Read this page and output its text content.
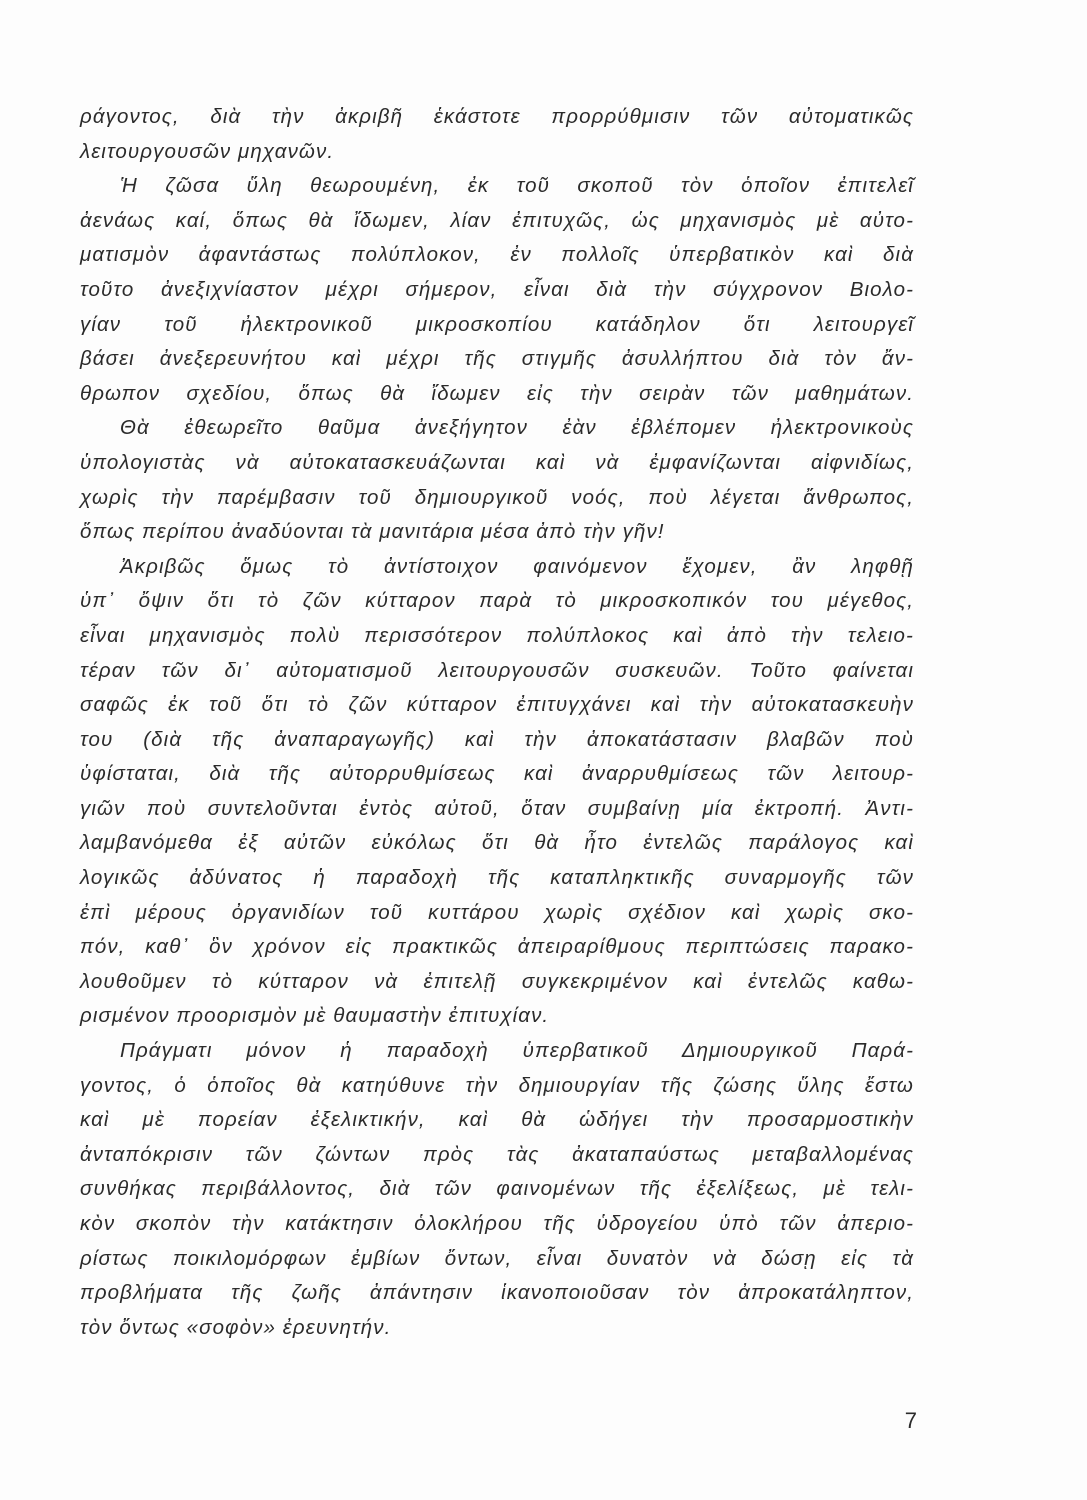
ράγοντος, διὰ τὴν ἀκριβῆ ἑκάστοτε προρρύθμισιν τῶν αὐτοματικῶς
λειτουργουσῶν μηχανῶν.
Ἡ ζῶσα ὕλη θεωρουμένη, ἐκ τοῦ σκοποῦ τὸν ὁποῖον ἐπιτελεῖ
ἀενάως καί, ὅπως θὰ ἴδωμεν, λίαν ἐπιτυχῶς, ὡς μηχανισμὸς μὲ αὐτο-
ματισμὸν ἀφαντάστως πολύπλοκον, ἐν πολλοῖς ὑπερβατικὸν καὶ διὰ
τοῦτο ἀνεξιχνίαστον μέχρι σήμερον, εἶναι διὰ τὴν σύγχρονον Βιολο-
γίαν τοῦ ἠλεκτρονικοῦ μικροσκοπίου κατάδηλον ὅτι λειτουργεῖ
βάσει ἀνεξερευνήτου καὶ μέχρι τῆς στιγμῆς ἀσυλλήπτου διὰ τὸν ἄν-
θρωπον σχεδίου, ὅπως θὰ ἴδωμεν εἰς τὴν σειρὰν τῶν μαθημάτων.
Θὰ ἐθεωρεῖτο θαῦμα ἀνεξήγητον ἐὰν ἐβλέπομεν ἠλεκτρονικοὺς
ὑπολογιστὰς νὰ αὐτοκατασκευάζωνται καὶ νὰ ἐμφανίζωνται αἰφνιδίως,
χωρὶς τὴν παρέμβασιν τοῦ δημιουργικοῦ νοός, ποὺ λέγεται ἄνθρωπος,
ὅπως περίπου ἀναδύονται τὰ μανιτάρια μέσα ἀπὸ τὴν γῆν!
Ἀκριβῶς ὅμως τὸ ἀντίστοιχον φαινόμενον ἔχομεν, ἂν ληφθῇ
ὑπ᾿ ὄψιν ὅτι τὸ ζῶν κύτταρον παρὰ τὸ μικροσκοπικόν του μέγεθος,
εἶναι μηχανισμὸς πολὺ περισσότερον πολύπλοκος καὶ ἀπὸ τὴν τελειο-
τέραν τῶν δι᾿ αὐτοματισμοῦ λειτουργουσῶν συσκευῶν. Τοῦτο φαίνεται
σαφῶς ἐκ τοῦ ὅτι τὸ ζῶν κύτταρον ἐπιτυγχάνει καὶ τὴν αὐτοκατασκευὴν
του (διὰ τῆς ἀναπαραγωγῆς) καὶ τὴν ἀποκατάστασιν βλαβῶν ποὺ
ὑφίσταται, διὰ τῆς αὐτορρυθμίσεως καὶ ἀναρρυθμίσεως τῶν λειτουρ-
γιῶν ποὺ συντελοῦνται ἐντὸς αὐτοῦ, ὅταν συμβαίνῃ μία ἐκτροπή. Ἀντι-
λαμβανόμεθα ἐξ αὐτῶν εὐκόλως ὅτι θὰ ἦτο ἐντελῶς παράλογος καὶ
λογικῶς ἀδύνατος ἡ παραδοχὴ τῆς καταπληκτικῆς συναρμογῆς τῶν
ἐπὶ μέρους ὀργανιδίων τοῦ κυττάρου χωρὶς σχέδιον καὶ χωρὶς σκο-
πόν, καθ᾿ ὃν χρόνον εἰς πρακτικῶς ἀπειραρίθμους περιπτώσεις παρακο-
λουθοῦμεν τὸ κύτταρον νὰ ἐπιτελῇ συγκεκριμένον καὶ ἐντελῶς καθω-
ρισμένον προορισμὸν μὲ θαυμαστὴν ἐπιτυχίαν.
Πράγματι μόνον ἡ παραδοχὴ ὑπερβατικοῦ Δημιουργικοῦ Παρά-
γοντος, ὁ ὁποῖος θὰ κατηύθυνε τὴν δημιουργίαν τῆς ζώσης ὕλης ἔστω
καὶ μὲ πορείαν ἐξελικτικήν, καὶ θὰ ὡδήγει τὴν προσαρμοστικὴν
ἀνταπόκρισιν τῶν ζώντων πρὸς τὰς ἀκαταπαύστως μεταβαλλομένας
συνθήκας περιβάλλοντος, διὰ τῶν φαινομένων τῆς ἐξελίξεως, μὲ τελι-
κὸν σκοπὸν τὴν κατάκτησιν ὁλοκλήρου τῆς ὑδρογείου ὑπὸ τῶν ἀπεριο-
ρίστως ποικιλομόρφων ἐμβίων ὄντων, εἶναι δυνατὸν νὰ δώσῃ εἰς τὰ
προβλήματα τῆς ζωῆς ἀπάντησιν ἱκανοποιοῦσαν τὸν ἀπροκατάληπτον,
τὸν ὄντως «σοφὸν» ἐρευνητήν.
7
